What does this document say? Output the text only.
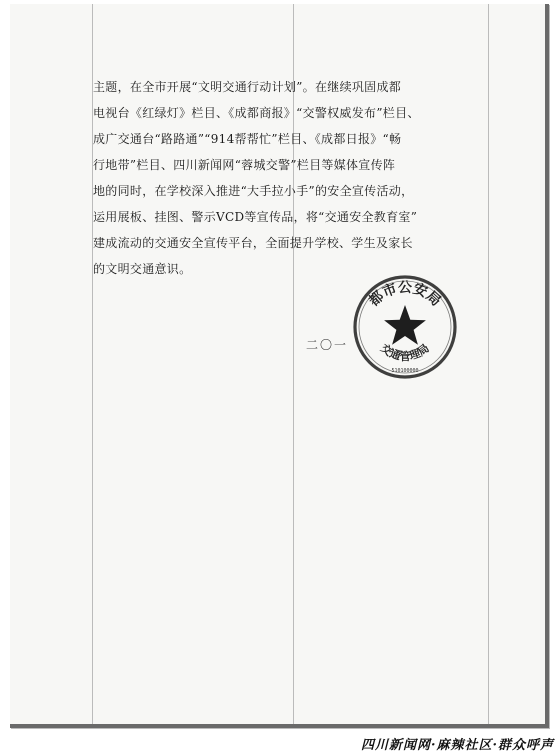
主题，在全市开展“文明交通行动计划”。在继续巩固成都
电视台《红绿灯》栏目、《成都商报》“交警权威发布”栏目、
成广交通台“路路通”“914帮帮忙”栏目、《成都日报》“畅
行地带”栏目、四川新闻网“蓉城交警”栏目等媒体宣传阵
地的同时，在学校深入推进“大手拉小手”的安全宣传活动，
运用展板、挂图、警示VCD等宣传品，将“交通安全教育室”
建成流动的交通安全宣传平台，全面提升学校、学生及家长
的文明交通意识。
二〇一
都市公安局
交通管理局
510100000
四川新闻网·麻辣社区·群众呼声
